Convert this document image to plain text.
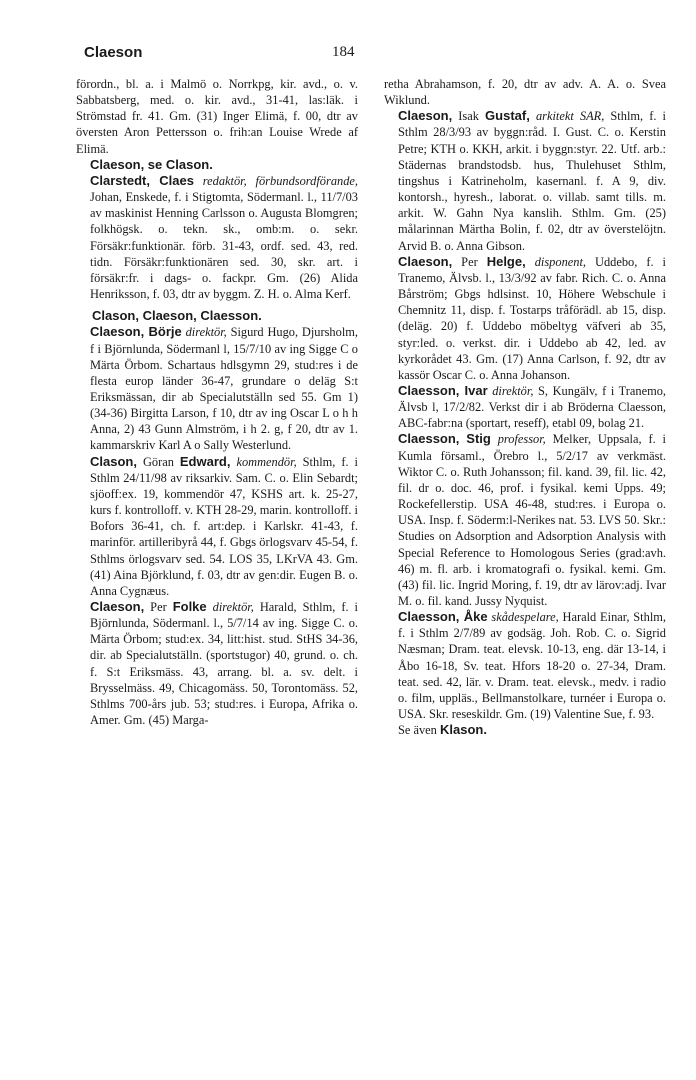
Claeson	184

förordn., bl. a. i Malmö o. Norrkpg, kir. avd., o. v. Sabbatsberg, med. o. kir. avd., 31-41, las:läk. i Strömstad fr. 41. Gm. (31) Inger Elimä, f. 00, dtr av översten Aron Pettersson o. frih:an Louise Wrede af Elimä.

Claeson, se Clason.

Clarstedt, Claes redaktör, förbundsordförande, Johan, Enskede, f. i Stigtomta, Södermanl. l., 11/7/03 av maskinist Henning Carlsson o. Augusta Blomgren; folkhögsk. o. tekn. sk., omb:m. o. sekr. Försäkr:funktionär. förb. 31-43, ordf. sed. 43, red. tidn. Försäkr:funktionären sed. 30, skr. art. i försäkr:fr. i dags- o. fackpr. Gm. (26) Alida Henriksson, f. 03, dtr av byggm. Z. H. o. Alma Kerf.

Clason, Claeson, Claesson.

Claeson, Börje direktör, Sigurd Hugo, Djursholm, f i Björnlunda, Södermanl l, 15/7/10 av ing Sigge C o Märta Örbom. Schartaus hdlsgymn 29, stud:res i de flesta europ länder 36-47, grundare o deläg S:t Eriksmässan, dir ab Specialutställn sed 55. Gm 1) (34-36) Birgitta Larson, f 10, dtr av ing Oscar L o h h Anna, 2) 43 Gunn Almström, i h 2. g, f 20, dtr av 1. kammarskriv Karl A o Sally Westerlund.

Clason, Göran Edward, kommendör, Sthlm, f. i Sthlm 24/11/98 av riksarkiv. Sam. C. o. Elin Sebardt; sjöoff:ex. 19, kommendör 47, KSHS art. k. 25-27, kurs f. kontrolloff. v. KTH 28-29, marin. kontrolloff. i Bofors 36-41, ch. f. art:dep. i Karlskr. 41-43, f. marinför. artilleribyrå 44, f. Gbgs örlogsvarv 45-54, f. Sthlms örlogsvarv sed. 54. LOS 35, LKrVA 43. Gm. (41) Aina Björklund, f. 03, dtr av gen:dir. Eugen B. o. Anna Cygnæus.

Claeson, Per Folke direktör, Harald, Sthlm, f. i Björnlunda, Södermanl. l., 5/7/14 av ing. Sigge C. o. Märta Örbom; stud:ex. 34, litt:hist. stud. StHS 34-36, dir. ab Specialutställn. (sportstugor) 40, grund. o. ch. f. S:t Eriksmäss. 43, arrang. bl. a. sv. delt. i Brysselmäss. 49, Chicagomäss. 50, Torontomäss. 52, Sthlms 700-års jub. 53; stud:res. i Europa, Afrika o. Amer. Gm. (45) Marga-

retha Abrahamson, f. 20, dtr av adv. A. A. o. Svea Wiklund.

Claeson, Isak Gustaf, arkitekt SAR, Sthlm, f. i Sthlm 28/3/93 av byggn:råd. I. Gust. C. o. Kerstin Petre; KTH o. KKH, arkit. i byggn:styr. 22. Utf. arb.: Städernas brandstodsb. hus, Thulehuset Sthlm, tingshus i Katrineholm, kasernanl. f. A 9, div. kontorsh., hyresh., laborat. o. villab. samt tills. m. arkit. W. Gahn Nya kanslih. Sthlm. Gm. (25) målarinnan Märtha Bolin, f. 02, dtr av överstelöjtn. Arvid B. o. Anna Gibson.

Claeson, Per Helge, disponent, Uddebo, f. i Tranemo, Älvsb. l., 13/3/92 av fabr. Rich. C. o. Anna Bårström; Gbgs hdlsinst. 10, Höhere Webschule i Chemnitz 11, disp. f. Tostarps tråförädl. ab 15, disp. (deläg. 20) f. Uddebo möbeltyg väfveri ab 35, styr:led. o. verkst. dir. i Uddebo ab 42, led. av kyrkorådet 43. Gm. (17) Anna Carlson, f. 92, dtr av kassör Oscar C. o. Anna Johanson.

Claesson, Ivar direktör, S, Kungälv, f i Tranemo, Älvsb l, 17/2/82. Verkst dir i ab Bröderna Claesson, ABC-fabr:na (sportart, reseff), etabl 09, bolag 21.

Claesson, Stig professor, Melker, Uppsala, f. i Kumla församl., Örebro l., 5/2/17 av verkmäst. Wiktor C. o. Ruth Johansson; fil. kand. 39, fil. lic. 42, fil. dr o. doc. 46, prof. i fysikal. kemi Upps. 49; Rockefellerstip. USA 46-48, stud:res. i Europa o. USA. Insp. f. Söderm:l-Nerikes nat. 53. LVS 50. Skr.: Studies on Adsorption and Adsorption Analysis with Special Reference to Homologous Series (grad:avh. 46) m. fl. arb. i kromatografi o. fysikal. kemi. Gm. (43) fil. lic. Ingrid Moring, f. 19, dtr av lärov:adj. Ivar M. o. fil. kand. Jussy Nyquist.

Claesson, Åke skådespelare, Harald Einar, Sthlm, f. i Sthlm 2/7/89 av godsäg. Joh. Rob. C. o. Sigrid Næsman; Dram. teat. elevsk. 10-13, eng. där 13-14, i Åbo 16-18, Sv. teat. Hfors 18-20 o. 27-34, Dram. teat. sed. 42, lär. v. Dram. teat. elevsk., medv. i radio o. film, uppläs., Bellmanstolkare, turnéer i Europa o. USA. Skr. reseskildr. Gm. (19) Valentine Sue, f. 93.

Se även Klason.
